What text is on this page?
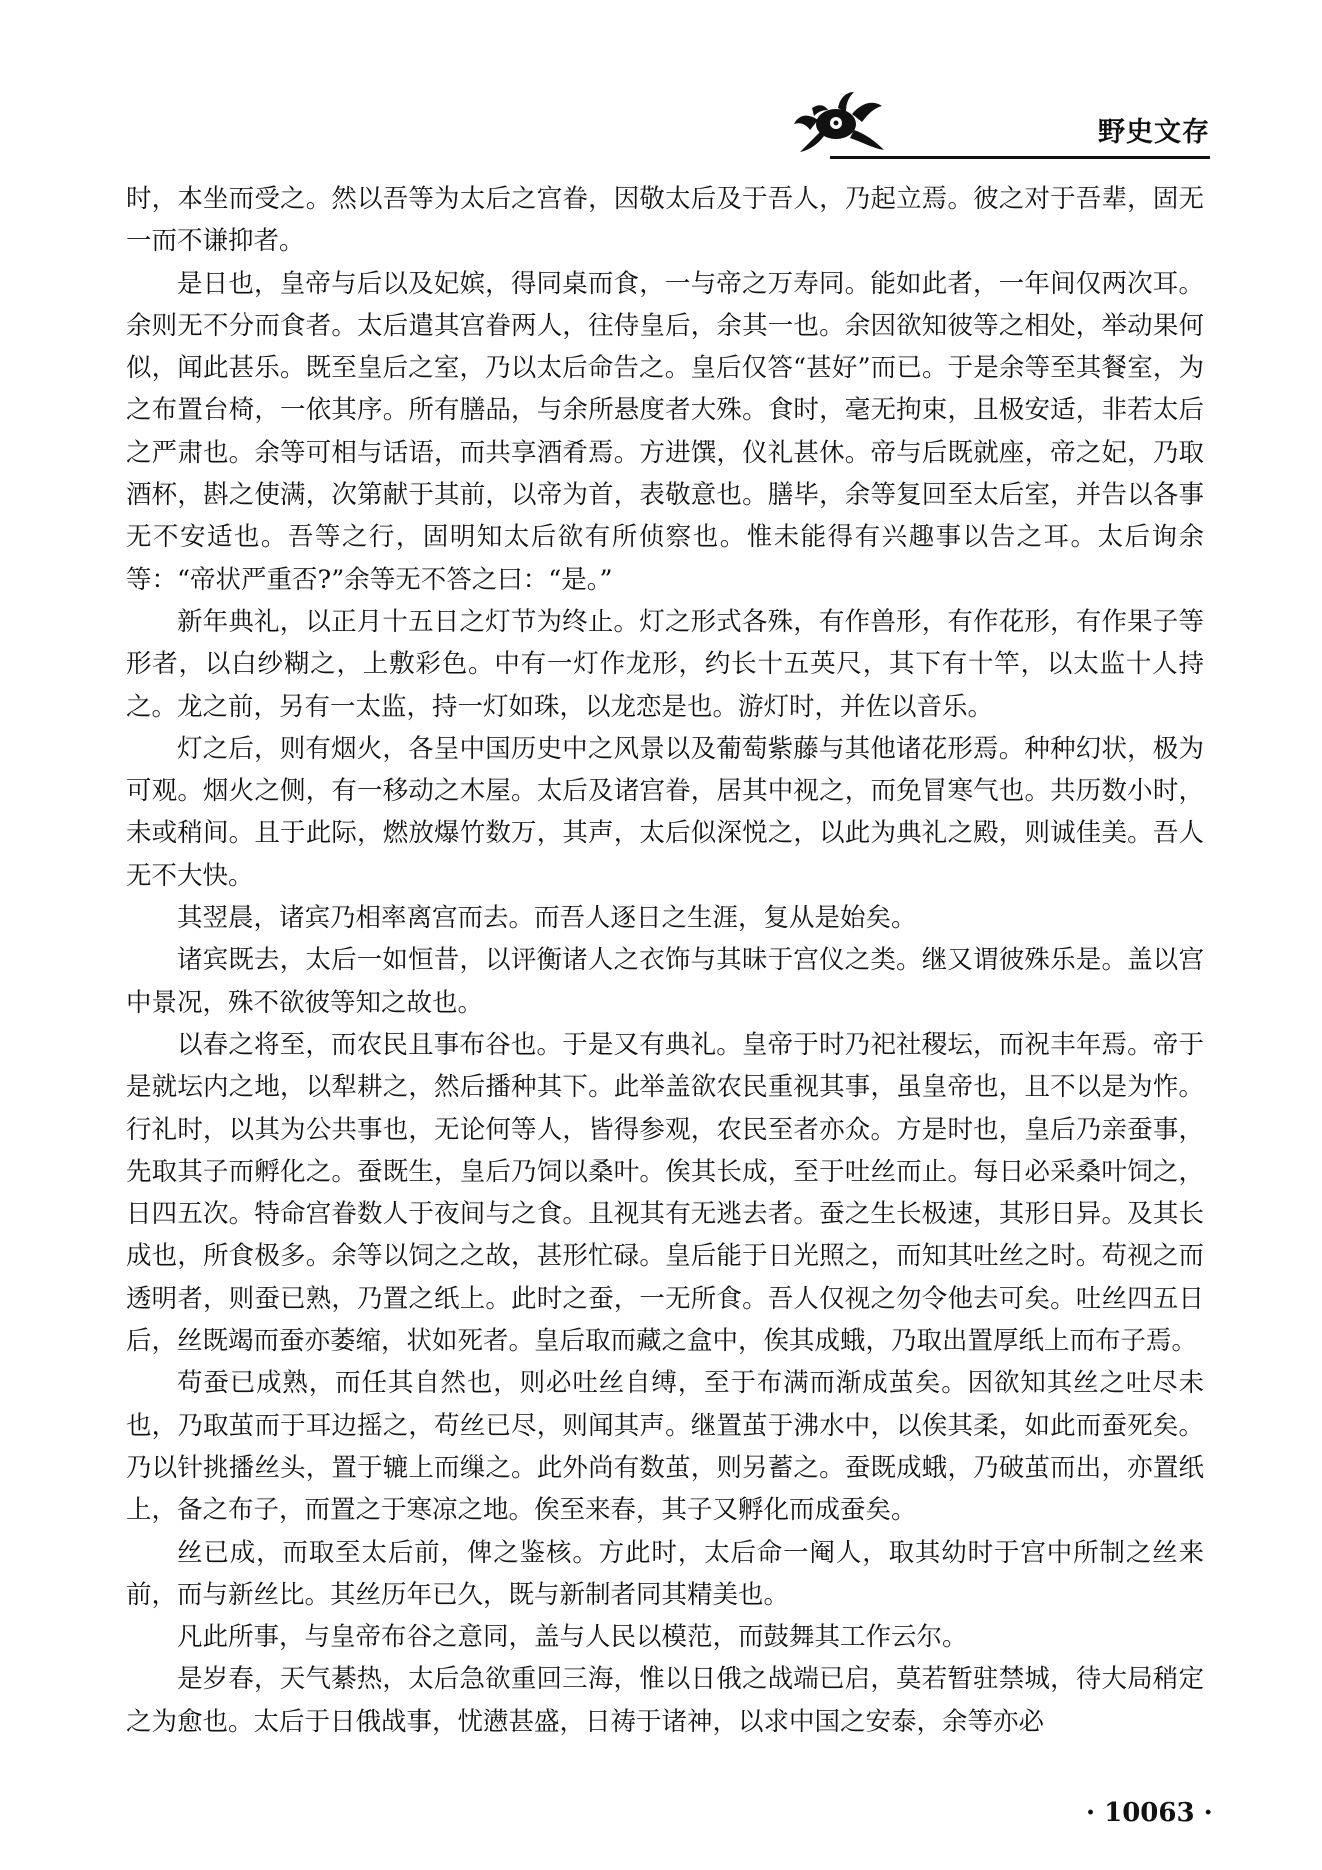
野史文存

时，本坐而受之。然以吾等为太后之宫眷，因敬太后及于吾人，乃起立焉。彼之对于吾辈，固无一而不谦抑者。

是日也，皇帝与后以及妃嫔，得同桌而食，一与帝之万寿同。能如此者，一年间仅两次耳。余则无不分而食者。太后遣其宫眷两人，往侍皇后，余其一也。余因欲知彼等之相处，举动果何似，闻此甚乐。既至皇后之室，乃以太后命告之。皇后仅答“甚好”而已。于是余等至其餐室，为之布置台椅，一依其序。所有膳品，与余所悬度者大殊。食时，毫无拘束，且极安适，非若太后之严肃也。余等可相与话语，而共享酒肴焉。方进馔，仪礼甚休。帝与后既就座，帝之妃，乃取酒杯，斟之使满，次第献于其前，以帝为首，表敬意也。膳毕，余等复回至太后室，并告以各事无不安适也。吾等之行，固明知太后欲有所侦察也。惟未能得有兴趣事以告之耳。太后询余等：“帝状严重否?”余等无不答之曰：“是。”

新年典礼，以正月十五日之灯节为终止。灯之形式各殊，有作兽形，有作花形，有作果子等形者，以白纱糊之，上敷彩色。中有一灯作龙形，约长十五英尺，其下有十竿，以太监十人持之。龙之前，另有一太监，持一灯如珠，以龙恋是也。游灯时，并佐以音乐。

灯之后，则有烟火，各呈中国历史中之风景以及葡萄紫藤与其他诸花形焉。种种幻状，极为可观。烟火之侧，有一移动之木屋。太后及诸宫眷，居其中视之，而免冒寒气也。共历数小时，未或稍间。且于此际，燃放爆竹数万，其声，太后似深悦之，以此为典礼之殿，则诚佳美。吾人无不大快。

其翌晨，诸宾乃相率离宫而去。而吾人逐日之生涯，复从是始矣。

诸宾既去，太后一如恒昔，以评衡诸人之衣饰与其昧于宫仪之类。继又谓彼殊乐是。盖以宫中景况，殊不欲彼等知之故也。

以春之将至，而农民且事布谷也。于是又有典礼。皇帝于时乃祀社稷坛，而祝丰年焉。帝于是就坛内之地，以犁耕之，然后播种其下。此举盖欲农民重视其事，虽皇帝也，且不以是为怍。行礼时，以其为公共事也，无论何等人，皆得参观，农民至者亦众。方是时也，皇后乃亲蚕事，先取其子而孵化之。蚕既生，皇后乃饲以桑叶。俟其长成，至于吐丝而止。每日必采桑叶饲之，日四五次。特命宫眷数人于夜间与之食。且视其有无逃去者。蚕之生长极速，其形日异。及其长成也，所食极多。余等以饲之之故，甚形忙碌。皇后能于日光照之，而知其吐丝之时。苟视之而透明者，则蚕已熟，乃置之纸上。此时之蚕，一无所食。吾人仅视之勿令他去可矣。吐丝四五日后，丝既竭而蚕亦萎缩，状如死者。皇后取而藏之盒中，俟其成蛾，乃取出置厚纸上而布子焉。

苟蚕已成熟，而任其自然也，则必吐丝自缚，至于布满而渐成茧矣。因欲知其丝之吐尽未也，乃取茧而于耳边摇之，苟丝已尽，则闻其声。继置茧于沸水中，以俟其柔，如此而蚕死矣。乃以针挑播丝头，置于辘上而缫之。此外尚有数茧，则另蓄之。蚕既成蛾，乃破茧而出，亦置纸上，备之布子，而置之于寒凉之地。俟至来春，其子又孵化而成蚕矣。

丝已成，而取至太后前，俾之鉴核。方此时，太后命一阉人，取其幼时于宫中所制之丝来前，而与新丝比。其丝历年已久，既与新制者同其精美也。

凡此所事，与皇帝布谷之意同，盖与人民以模范，而鼓舞其工作云尔。

是岁春，天气綦热，太后急欲重回三海，惟以日俄之战端已启，莫若暂驻禁城，待大局稍定之为愈也。太后于日俄战事，忧懑甚盛，日祷于诸神，以求中国之安泰，余等亦必

· 10063 ·
